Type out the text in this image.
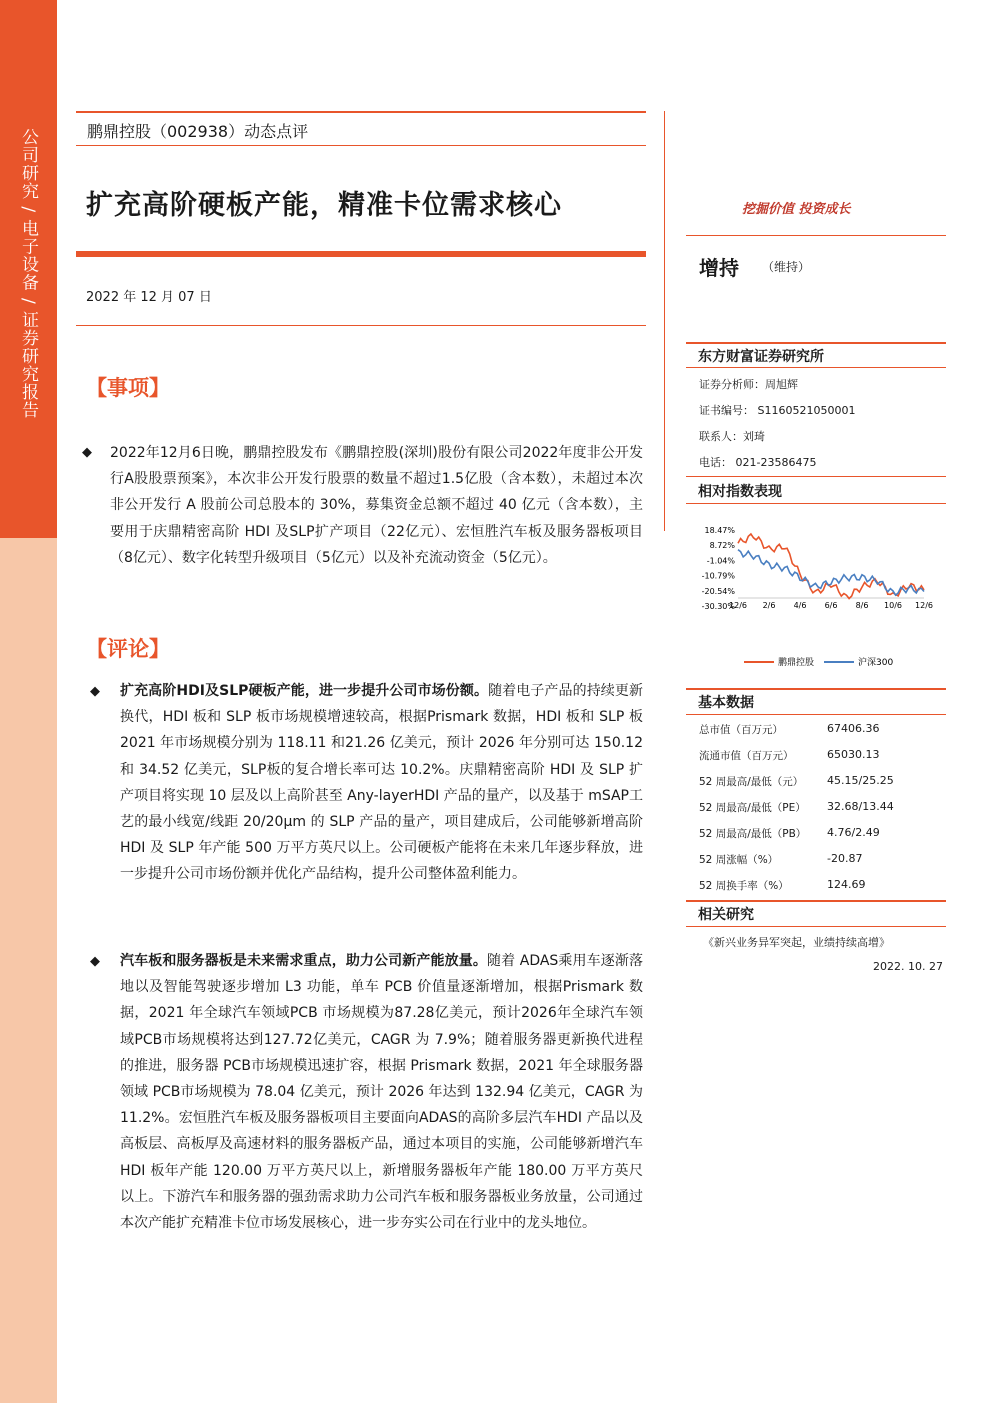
公司研究 / 电子设备 / 证券研究报告	鹏鼎控股（002938）动态点评
扩充高阶硬板产能，精准卡位需求核心
2022 年 12 月 07 日
挖掘价值 投资成长
增持 （维持）
东方财富证券研究所
证券分析师：周旭辉
证书编号： S1160521050001
联系人：刘琦
电话： 021-23586475
相对指数表现
18.47%
8.72%
-1.04%
-10.79%
-20.54%
-30.30%
12/6 2/6 4/6 6/6 8/6 10/6 12/6
鹏鼎控股	沪深300
基本数据
总市值（百万元）	67406.36
流通市值（百万元）	65030.13
52 周最高/最低（元） 45.15/25.25
52 周最高/最低（PE） 32.68/13.44
52 周最高/最低（PB） 4.76/2.49
52 周涨幅（%）	-20.87
52 周换手率（%）	124.69
相关研究
《新兴业务异军突起，业绩持续高增》
2022. 10. 27
【事项】
◆ 2022年12月6日晚，鹏鼎控股发布《鹏鼎控股(深圳)股份有限公司2022年度非公开发行A股股票预案》，本次非公开发行股票的数量不超过1.5亿股（含本数），未超过本次非公开发行 A 股前公司总股本的 30%，募集资金总额不超过 40 亿元（含本数），主要用于庆鼎精密高阶 HDI 及SLP扩产项目（22亿元）、宏恒胜汽车板及服务器板项目（8亿元）、数字化转型升级项目（5亿元）以及补充流动资金（5亿元）。
【评论】
◆ 扩充高阶HDI及SLP硬板产能，进一步提升公司市场份额。随着电子产品的持续更新换代，HDI 板和 SLP 板市场规模增速较高，根据Prismark 数据，HDI 板和 SLP 板 2021 年市场规模分别为 118.11 和21.26 亿美元，预计 2026 年分别可达 150.12 和 34.52 亿美元，SLP板的复合增长率可达 10.2%。庆鼎精密高阶 HDI 及 SLP 扩产项目将实现 10 层及以上高阶甚至 Any-layerHDI 产品的量产，以及基于 mSAP工艺的最小线宽/线距 20/20μm 的 SLP 产品的量产，项目建成后，公司能够新增高阶 HDI 及 SLP 年产能 500 万平方英尺以上。公司硬板产能将在未来几年逐步释放，进一步提升公司市场份额并优化产品结构，提升公司整体盈利能力。
◆ 汽车板和服务器板是未来需求重点，助力公司新产能放量。随着 ADAS乘用车逐渐落地以及智能驾驶逐步增加 L3 功能，单车 PCB 价值量逐渐增加，根据Prismark 数据，2021 年全球汽车领域PCB 市场规模为87.28亿美元，预计2026年全球汽车领域PCB市场规模将达到127.72亿美元，CAGR 为 7.9%；随着服务器更新换代进程的推进，服务器 PCB市场规模迅速扩容，根据 Prismark 数据，2021 年全球服务器领域 PCB市场规模为 78.04 亿美元，预计 2026 年达到 132.94 亿美元，CAGR 为11.2%。宏恒胜汽车板及服务器板项目主要面向ADAS的高阶多层汽车HDI 产品以及高板层、高板厚及高速材料的服务器板产品，通过本项目的实施，公司能够新增汽车 HDI 板年产能 120.00 万平方英尺以上，新增服务器板年产能 180.00 万平方英尺以上。下游汽车和服务器的强劲需求助力公司汽车板和服务器板业务放量，公司通过本次产能扩充精准卡位市场发展核心，进一步夯实公司在行业中的龙头地位。
